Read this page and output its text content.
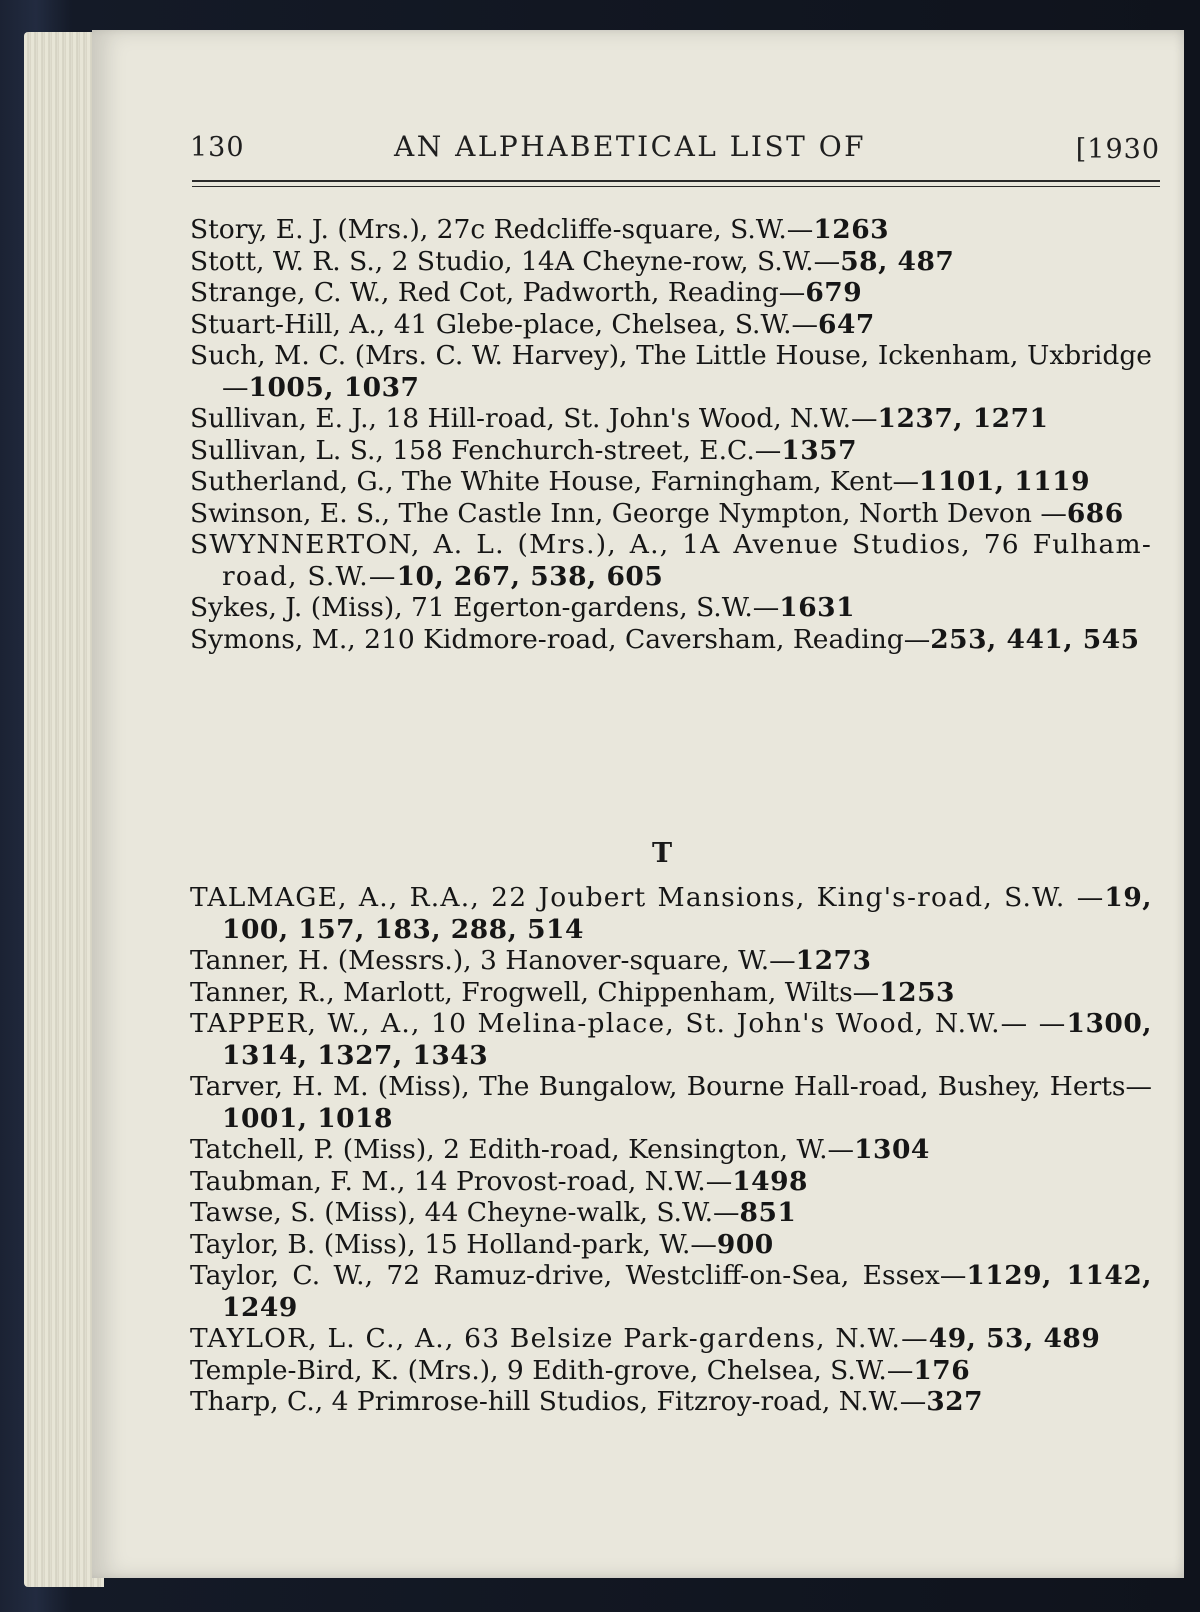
130	AN ALPHABETICAL LIST OF	[1930

Story, E. J. (Mrs.), 27c Redcliffe-square, S.W.—1263

Stott, W. R. S., 2 Studio, 14A Cheyne-row, S.W.—58, 487

Strange, C. W., Red Cot, Padworth, Reading—679

Stuart-Hill, A., 41 Glebe-place, Chelsea, S.W.—647

Such, M. C. (Mrs. C. W. Harvey), The Little House, Ickenham, Uxbridge—1005, 1037

Sullivan, E. J., 18 Hill-road, St. John's Wood, N.W.—1237, 1271

Sullivan, L. S., 158 Fenchurch-street, E.C.—1357

Sutherland, G., The White House, Farningham, Kent—1101, 1119

Swinson, E. S., The Castle Inn, George Nympton, North Devon —686

SWYNNERTON, A. L. (Mrs.), A., 1A Avenue Studios, 76 Fulham-road, S.W.—10, 267, 538, 605

Sykes, J. (Miss), 71 Egerton-gardens, S.W.—1631

Symons, M., 210 Kidmore-road, Caversham, Reading—253, 441, 545

T

TALMAGE, A., R.A., 22 Joubert Mansions, King's-road, S.W. —19, 100, 157, 183, 288, 514

Tanner, H. (Messrs.), 3 Hanover-square, W.—1273

Tanner, R., Marlott, Frogwell, Chippenham, Wilts—1253

TAPPER, W., A., 10 Melina-place, St. John's Wood, N.W.— —1300, 1314, 1327, 1343

Tarver, H. M. (Miss), The Bungalow, Bourne Hall-road, Bushey, Herts—1001, 1018

Tatchell, P. (Miss), 2 Edith-road, Kensington, W.—1304

Taubman, F. M., 14 Provost-road, N.W.—1498

Tawse, S. (Miss), 44 Cheyne-walk, S.W.—851

Taylor, B. (Miss), 15 Holland-park, W.—900

Taylor, C. W., 72 Ramuz-drive, Westcliff-on-Sea, Essex—1129, 1142, 1249

TAYLOR, L. C., A., 63 Belsize Park-gardens, N.W.—49, 53, 489

Temple-Bird, K. (Mrs.), 9 Edith-grove, Chelsea, S.W.—176

Tharp, C., 4 Primrose-hill Studios, Fitzroy-road, N.W.—327
